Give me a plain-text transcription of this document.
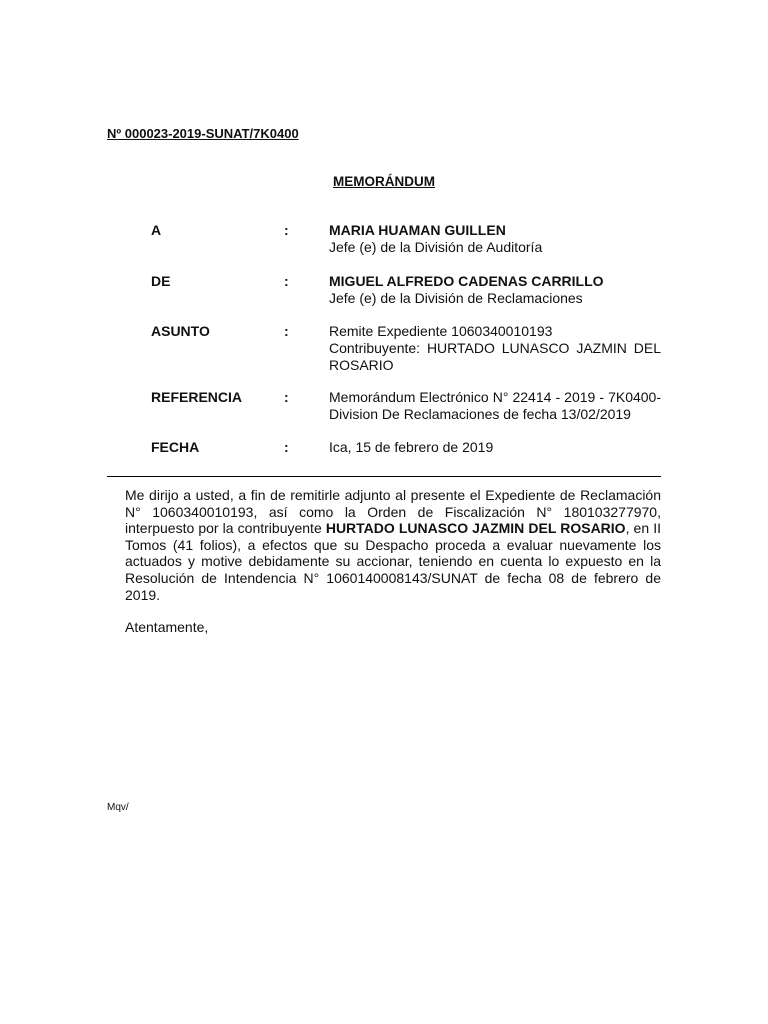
Nº 000023-2019-SUNAT/7K0400
MEMORÁNDUM
A	:	MARIA HUAMAN GUILLEN
Jefe (e) de la División de Auditoría
DE	:	MIGUEL ALFREDO CADENAS CARRILLO
Jefe (e) de la División de Reclamaciones
ASUNTO	:	Remite Expediente 1060340010193
Contribuyente: HURTADO LUNASCO JAZMIN DEL ROSARIO
REFERENCIA	:	Memorándum Electrónico N° 22414 - 2019 - 7K0400-Division De Reclamaciones de fecha 13/02/2019
FECHA	:	Ica, 15 de febrero de 2019
Me dirijo a usted, a fin de remitirle adjunto al presente el Expediente de Reclamación N° 1060340010193, así como la Orden de Fiscalización N° 180103277970, interpuesto por la contribuyente HURTADO LUNASCO JAZMIN DEL ROSARIO, en II Tomos (41 folios), a efectos que su Despacho proceda a evaluar nuevamente los actuados y motive debidamente su accionar, teniendo en cuenta lo expuesto en la Resolución de Intendencia N° 1060140008143/SUNAT de fecha 08 de febrero de 2019.
Atentamente,
Mqv/
